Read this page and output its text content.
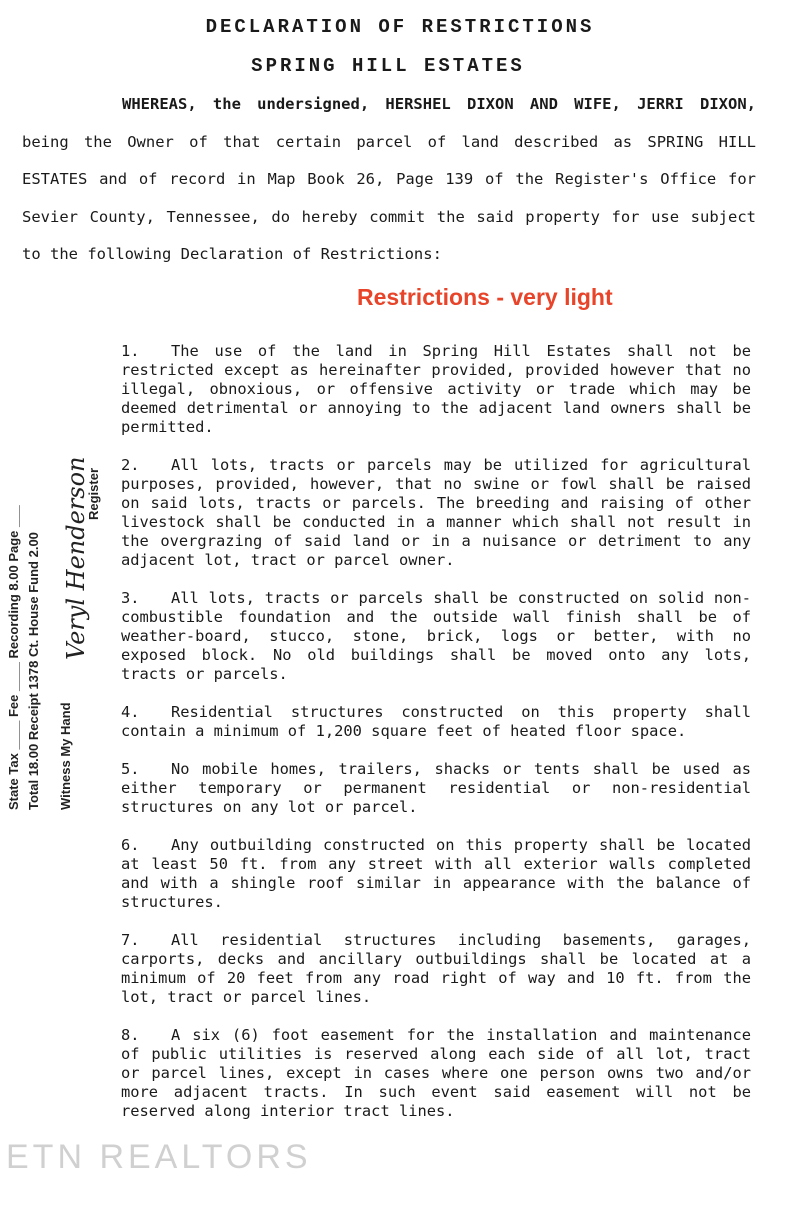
DECLARATION OF RESTRICTIONS
SPRING HILL ESTATES
WHEREAS, the undersigned, HERSHEL DIXON AND WIFE, JERRI DIXON, being the Owner of that certain parcel of land described as SPRING HILL ESTATES and of record in Map Book 26, Page 139 of the Register's Office for Sevier County, Tennessee, do hereby commit the said property for use subject to the following Declaration of Restrictions:
Restrictions - very light
State Tax ____ Fee ____ Recording 8.00 Page ___ Total 18.00 Receipt 1378 Ct. House Fund 2.00 Witness My Hand
Register
Veryl Henderson
1. The use of the land in Spring Hill Estates shall not be restricted except as hereinafter provided, provided however that no illegal, obnoxious, or offensive activity or trade which may be deemed detrimental or annoying to the adjacent land owners shall be permitted.
2. All lots, tracts or parcels may be utilized for agricultural purposes, provided, however, that no swine or fowl shall be raised on said lots, tracts or parcels. The breeding and raising of other livestock shall be conducted in a manner which shall not result in the overgrazing of said land or in a nuisance or detriment to any adjacent lot, tract or parcel owner.
3. All lots, tracts or parcels shall be constructed on solid non-combustible foundation and the outside wall finish shall be of weather-board, stucco, stone, brick, logs or better, with no exposed block. No old buildings shall be moved onto any lots, tracts or parcels.
4. Residential structures constructed on this property shall contain a minimum of 1,200 square feet of heated floor space.
5. No mobile homes, trailers, shacks or tents shall be used as either temporary or permanent residential or non-residential structures on any lot or parcel.
6. Any outbuilding constructed on this property shall be located at least 50 ft. from any street with all exterior walls completed and with a shingle roof similar in appearance with the balance of structures.
7. All residential structures including basements, garages, carports, decks and ancillary outbuildings shall be located at a minimum of 20 feet from any road right of way and 10 ft. from the lot, tract or parcel lines.
8. A six (6) foot easement for the installation and maintenance of public utilities is reserved along each side of all lot, tract or parcel lines, except in cases where one person owns two and/or more adjacent tracts. In such event said easement will not be reserved along interior tract lines.
ETN REALTORS
